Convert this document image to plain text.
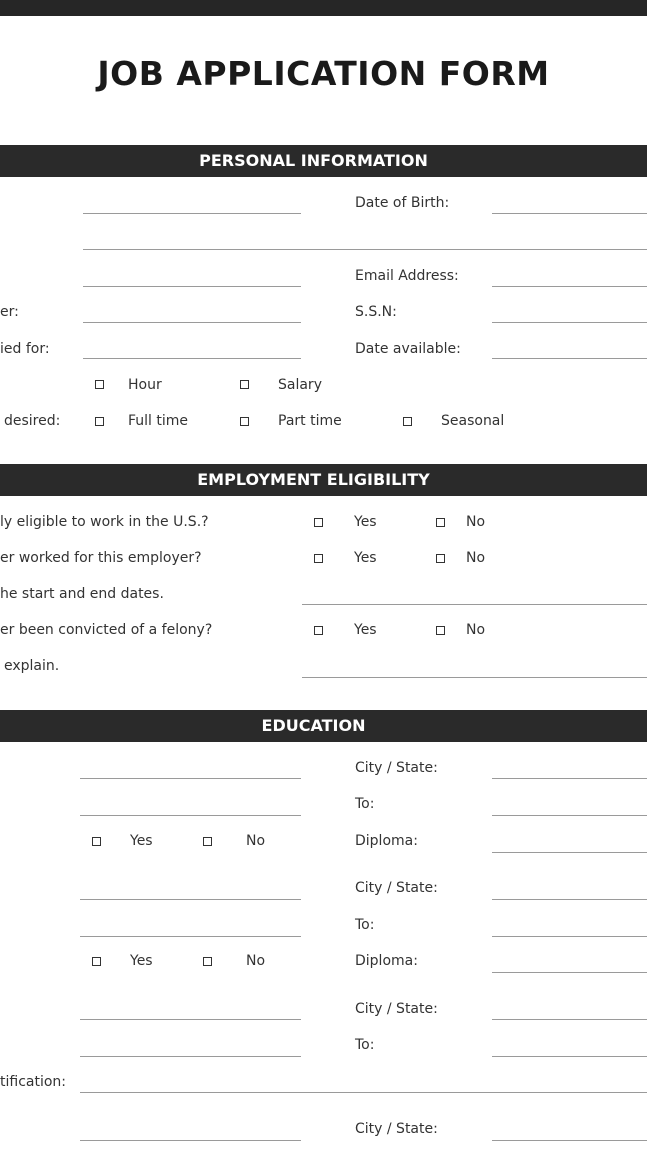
JOB APPLICATION FORM
PERSONAL INFORMATION
Date of Birth:
Email Address:
er:	S.S.N:
ied for:	Date available:
Hour	Salary
desired:	Full time	Part time	Seasonal
EMPLOYMENT ELIGIBILITY
ly eligible to work in the U.S.?	Yes	No
er worked for this employer?	Yes	No
he start and end dates.
er been convicted of a felony?	Yes	No
explain.
EDUCATION
City / State:
To:
Yes	No	Diploma:
City / State:
To:
Yes	No	Diploma:
City / State:
To:
tification:
City / State:
